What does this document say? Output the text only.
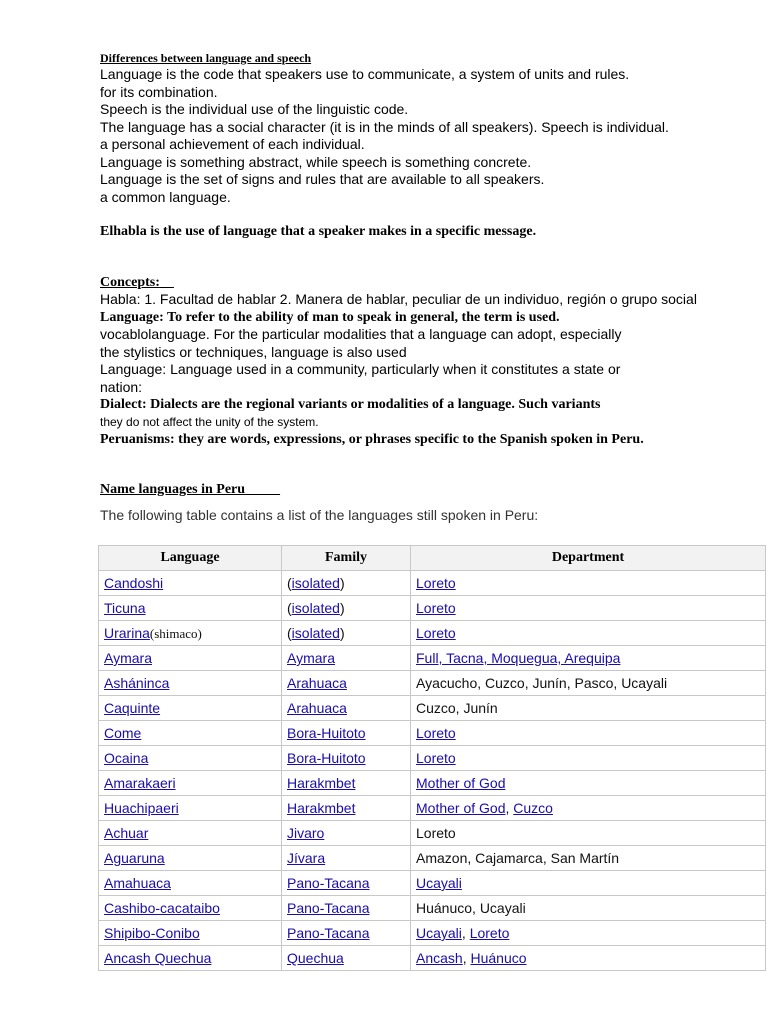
Differences between language and speech
Language is the code that speakers use to communicate, a system of units and rules.
for its combination.
Speech is the individual use of the linguistic code.
The language has a social character (it is in the minds of all speakers). Speech is individual.
a personal achievement of each individual.
Language is something abstract, while speech is something concrete.
Language is the set of signs and rules that are available to all speakers.
a common language.
Elhabla is the use of language that a speaker makes in a specific message.
Concepts:
Habla: 1. Facultad de hablar 2. Manera de hablar, peculiar de un individuo, región o grupo social
Language: To refer to the ability of man to speak in general, the term is used.
vocablolanguage. For the particular modalities that a language can adopt, especially
the stylistics or techniques, language is also used
Language: Language used in a community, particularly when it constitutes a state or
nation:
Dialect: Dialects are the regional variants or modalities of a language. Such variants
they do not affect the unity of the system.
Peruanisms: they are words, expressions, or phrases specific to the Spanish spoken in Peru.
Name languages in Peru
The following table contains a list of the languages still spoken in Peru:
Language	Family	Department
Candoshi	(isolated)	Loreto
Ticuna	(isolated)	Loreto
Urarina(shimaco)	(isolated)	Loreto
Aymara	Aymara	Full, Tacna, Moquegua, Arequipa
Asháninca	Arahuaca	Ayacucho, Cuzco, Junín, Pasco, Ucayali
Caquinte	Arahuaca	Cuzco, Junín
Come	Bora-Huitoto	Loreto
Ocaina	Bora-Huitoto	Loreto
Amarakaeri	Harakmbet	Mother of God
Huachipaeri	Harakmbet	Mother of God, Cuzco
Achuar	Jivaro	Loreto
Aguaruna	Jívara	Amazon, Cajamarca, San Martín
Amahuaca	Pano-Tacana	Ucayali
Cashibo-cacataibo	Pano-Tacana	Huánuco, Ucayali
Shipibo-Conibo	Pano-Tacana	Ucayali, Loreto
Ancash Quechua	Quechua	Ancash, Huánuco
